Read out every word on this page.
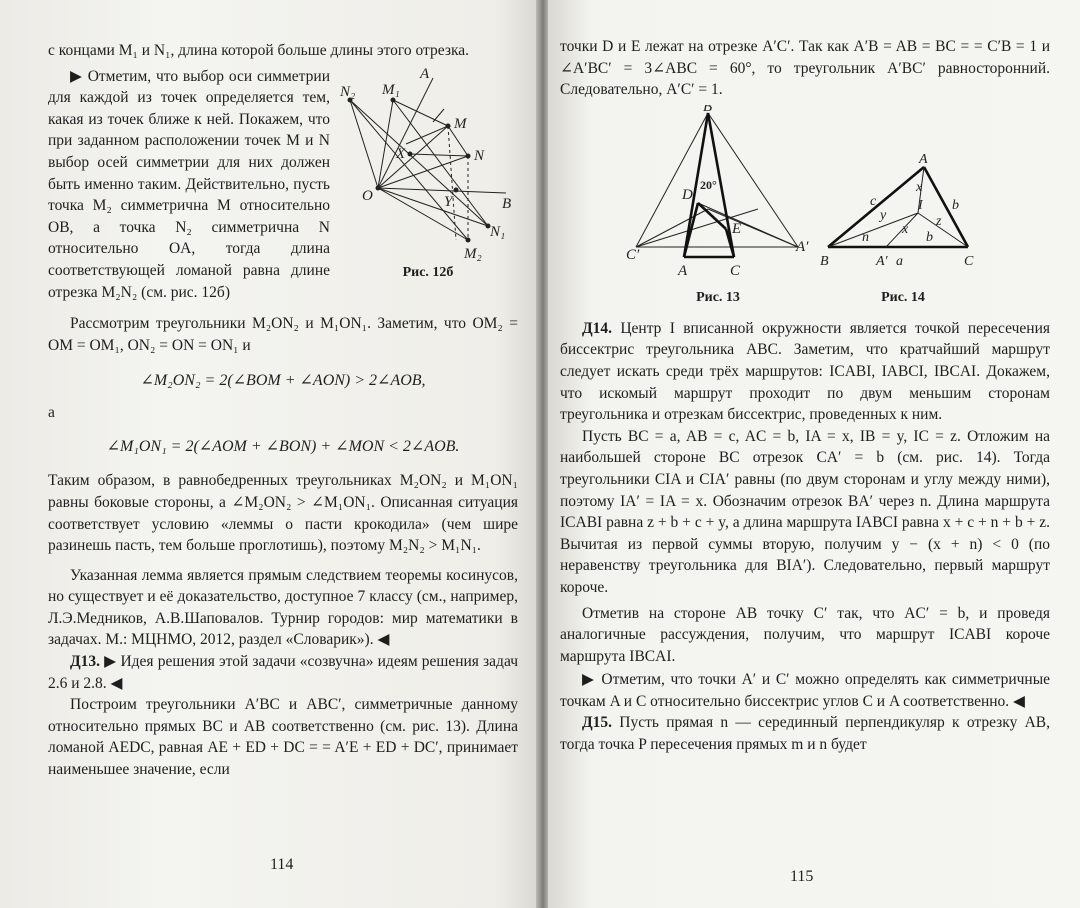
с концами M₁ и N₁, длина которой больше длины этого отрезка.

▶ Отметим, что выбор оси симметрии для каждой из точек определяется тем, какая из точек ближе к ней. Покажем, что при заданном расположении точек M и N выбор осей симметрии для них должен быть именно таким. Действительно, пусть точка M₂ симметрична M относительно OB, а точка N₂ симметрична N относительно OA, тогда длина соответствующей ломаной равна длине отрезка M₂N₂ (см. рис. 12б)

A
N₂ M₁
M
X	N
O	Y	B
N₁
M₂
Рис. 12б

Рассмотрим треугольники M₂ON₂ и M₁ON₁. Заметим, что OM₂ = OM = OM₁, ON₂ = ON = ON₁ и

∠M₂ON₂ = 2(∠BOM + ∠AON) > 2∠AOB,
а
∠M₁ON₁ = 2(∠AOM + ∠BON) + ∠MON < 2∠AOB.

Таким образом, в равнобедренных треугольниках M₂ON₂ и M₁ON₁ равны боковые стороны, а ∠M₂ON₂ > ∠M₁ON₁. Описанная ситуация соответствует условию «леммы о пасти крокодила» (чем шире разинешь пасть, тем больше проглотишь), поэтому M₂N₂ > M₁N₁.

Указанная лемма является прямым следствием теоремы косинусов, но существует и её доказательство, доступное 7 классу (см., например, Л.Э.Медников, А.В.Шаповалов. Турнир городов: мир математики в задачах. М.: МЦНМО, 2012, раздел «Словарик»). ◀

Д13. ▶ Идея решения этой задачи «созвучна» идеям решения задач 2.6 и 2.8. ◀

Построим треугольники A′BC и ABC′, симметричные данному относительно прямых BC и AB соответственно (см. рис. 13). Длина ломаной AEDC, равная AE + ED + DC = = A′E + ED + DC′, принимает наименьшее значение, если

114

точки D и E лежат на отрезке A′C′. Так как A′B = AB = BC = = C′B = 1 и ∠A′BC′ = 3∠ABC = 60°, то треугольник A′BC′ равносторонний. Следовательно, A′C′ = 1.

B
D
20°
E
C′	A′
A	C
Рис. 13
A
c	I b
y
x
z
n
x
b
B	A′ a	C
Рис. 14

Д14. Центр I вписанной окружности является точкой пересечения биссектрис треугольника ABC. Заметим, что кратчайший маршрут следует искать среди трёх маршрутов: ICABI, IABCI, IBCAI. Докажем, что искомый маршрут проходит по двум меньшим сторонам треугольника и отрезкам биссектрис, проведенных к ним.

Пусть BC = a, AB = c, AC = b, IA = x, IB = y, IC = z. Отложим на наибольшей стороне BC отрезок CA′ = b (см. рис. 14). Тогда треугольники CIA и CIA′ равны (по двум сторонам и углу между ними), поэтому IA′ = IA = x. Обозначим отрезок BA′ через n. Длина маршрута ICABI равна z + b + c + y, а длина маршрута IABCI равна x + c + n + b + z. Вычитая из первой суммы вторую, получим y − (x + n) < 0 (по неравенству треугольника для BIA′). Следовательно, первый маршрут короче.

Отметив на стороне AB точку C′ так, что AC′ = b, и проведя аналогичные рассуждения, получим, что маршрут ICABI короче маршрута IBCAI.

▶ Отметим, что точки A′ и C′ можно определять как симметричные точкам A и C относительно биссектрис углов C и A соответственно. ◀

Д15. Пусть прямая n — серединный перпендикуляр к отрезку AB, тогда точка P пересечения прямых m и n будет

115
